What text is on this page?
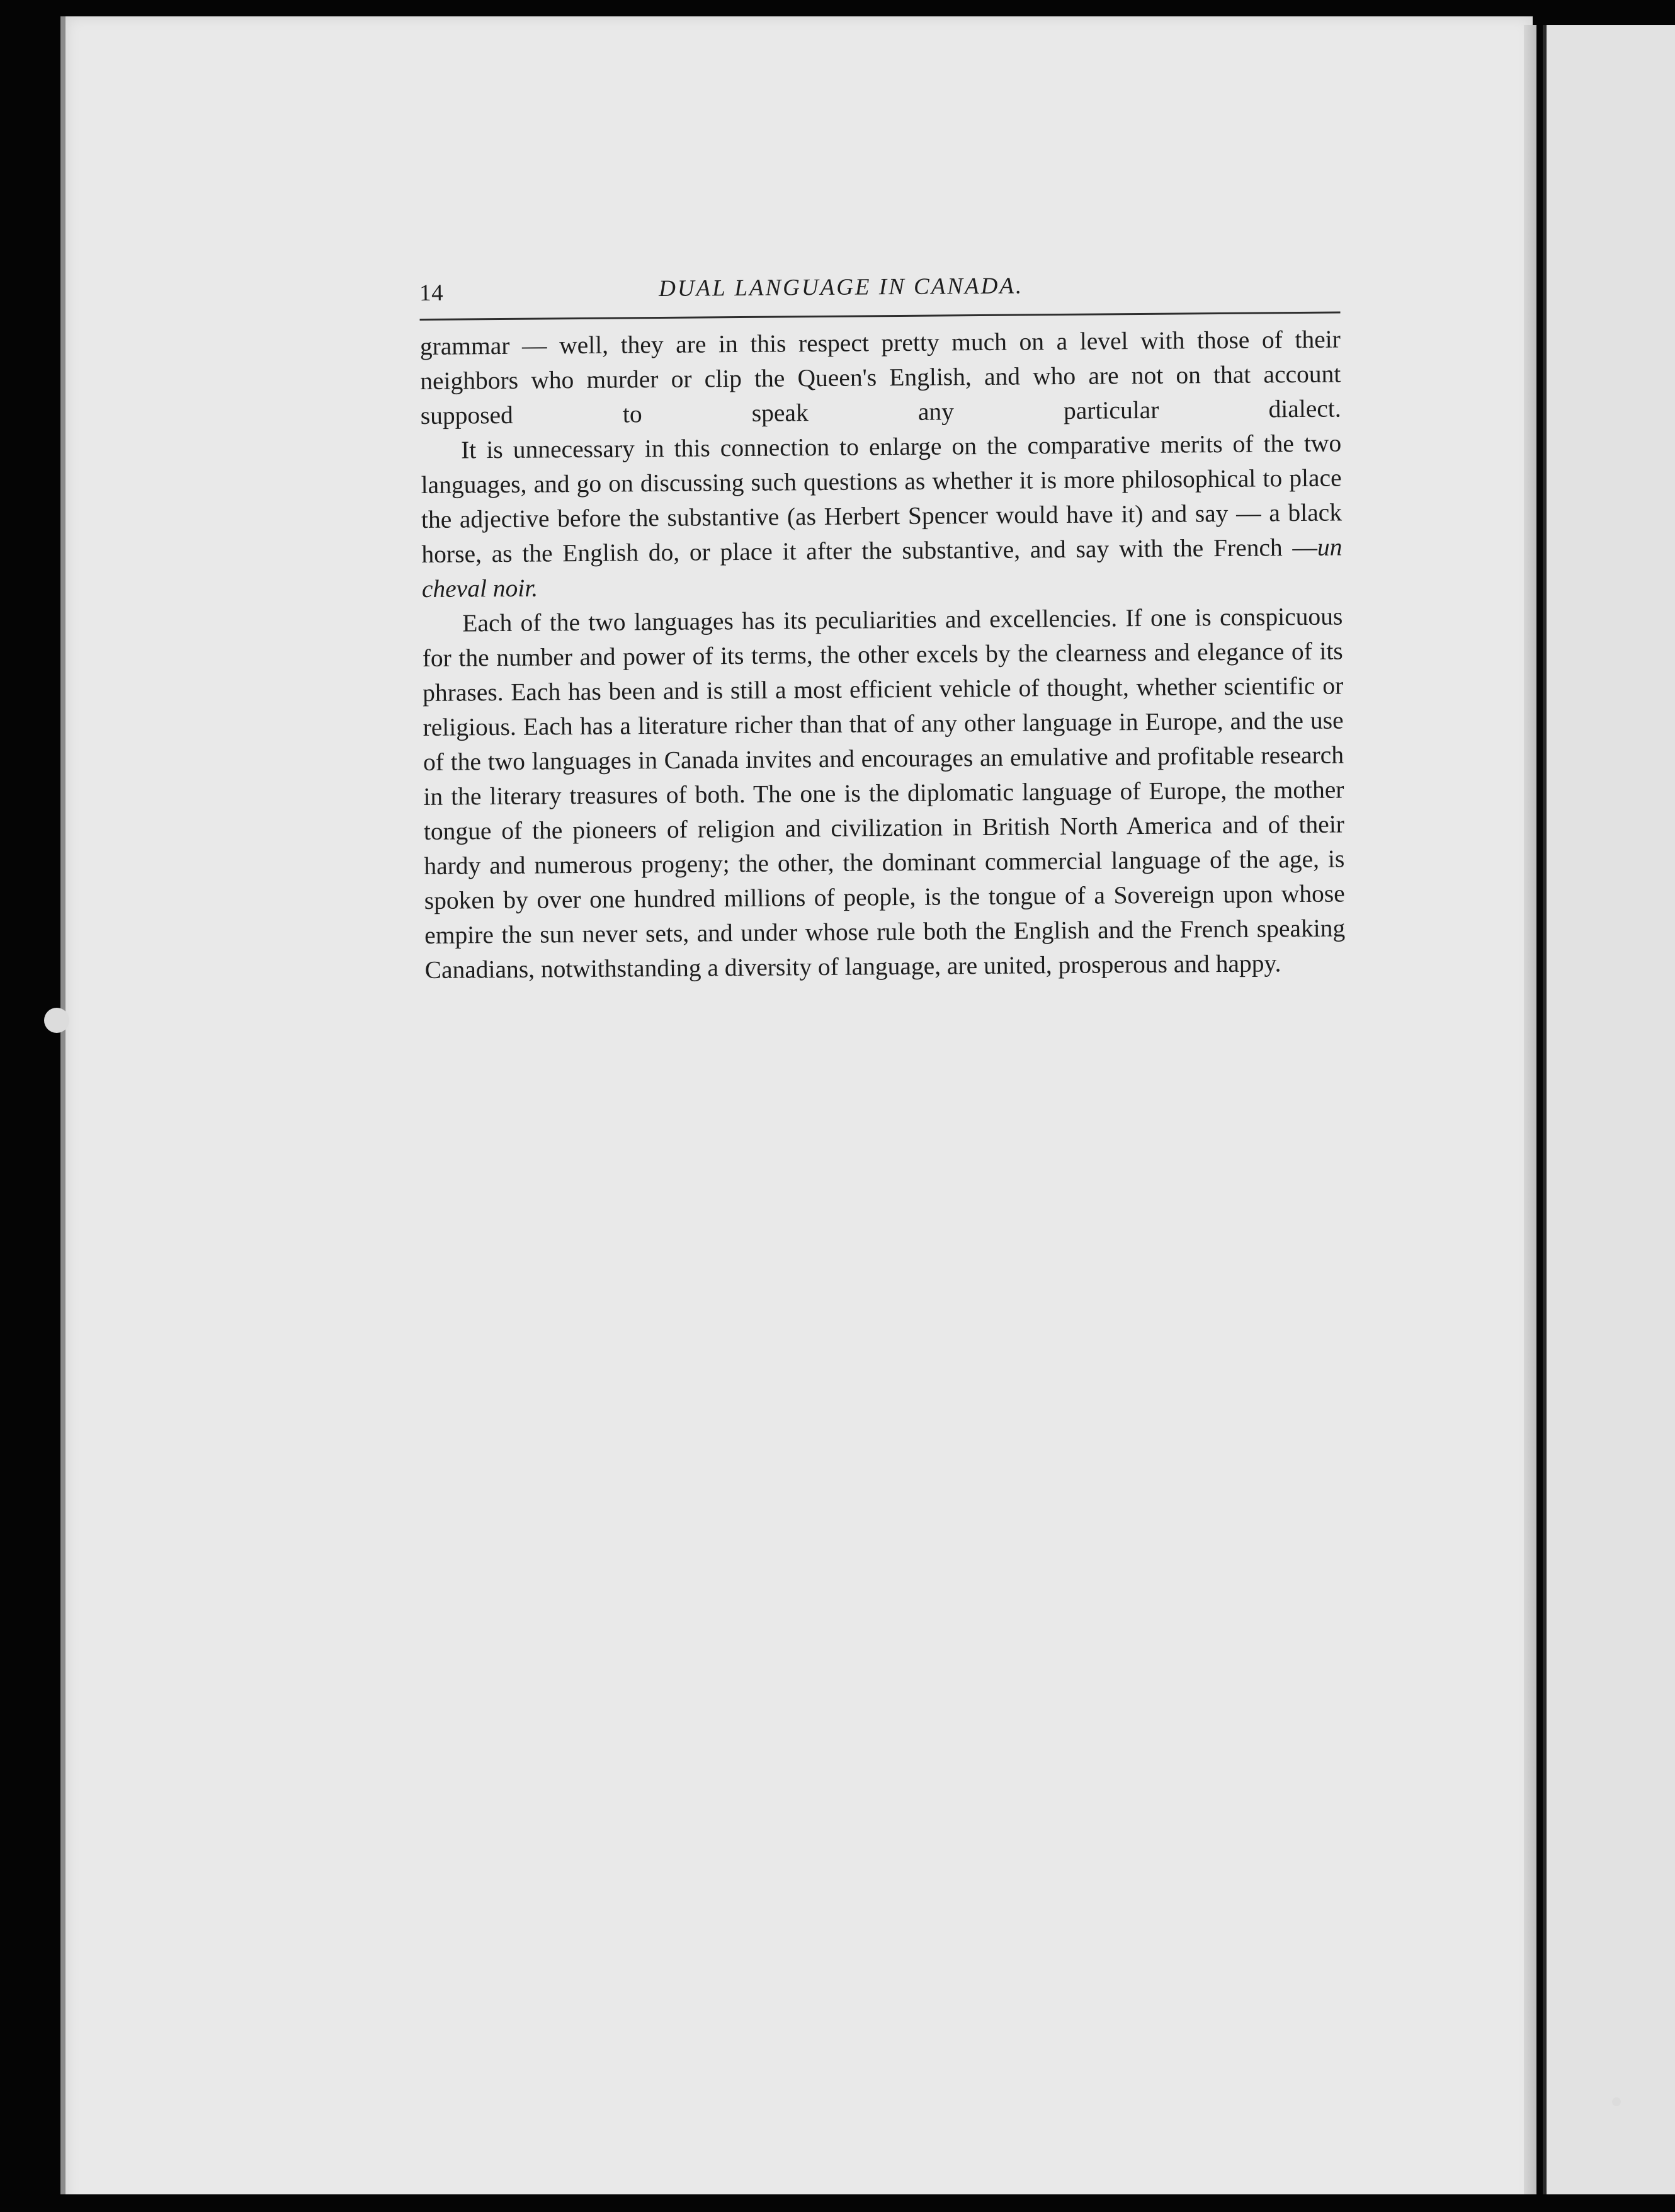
14	DUAL LANGUAGE IN CANADA.

grammar — well, they are in this respect pretty much on a level with those of their neighbors who murder or clip the Queen's English, and who are not on that account supposed to speak any particular dialect.

It is unnecessary in this connection to enlarge on the comparative merits of the two languages, and go on discussing such questions as whether it is more philosophical to place the adjective before the substantive (as Herbert Spencer would have it) and say — a black horse, as the English do, or place it after the substantive, and say with the French —un cheval noir.

Each of the two languages has its peculiarities and excellencies. If one is conspicuous for the number and power of its terms, the other excels by the clearness and elegance of its phrases. Each has been and is still a most efficient vehicle of thought, whether scientific or religious. Each has a literature richer than that of any other language in Europe, and the use of the two languages in Canada invites and encourages an emulative and profitable research in the literary treasures of both. The one is the diplomatic language of Europe, the mother tongue of the pioneers of religion and civilization in British North America and of their hardy and numerous progeny; the other, the dominant commercial language of the age, is spoken by over one hundred millions of people, is the tongue of a Sovereign upon whose empire the sun never sets, and under whose rule both the English and the French speaking Canadians, notwithstanding a diversity of language, are united, prosperous and happy.
